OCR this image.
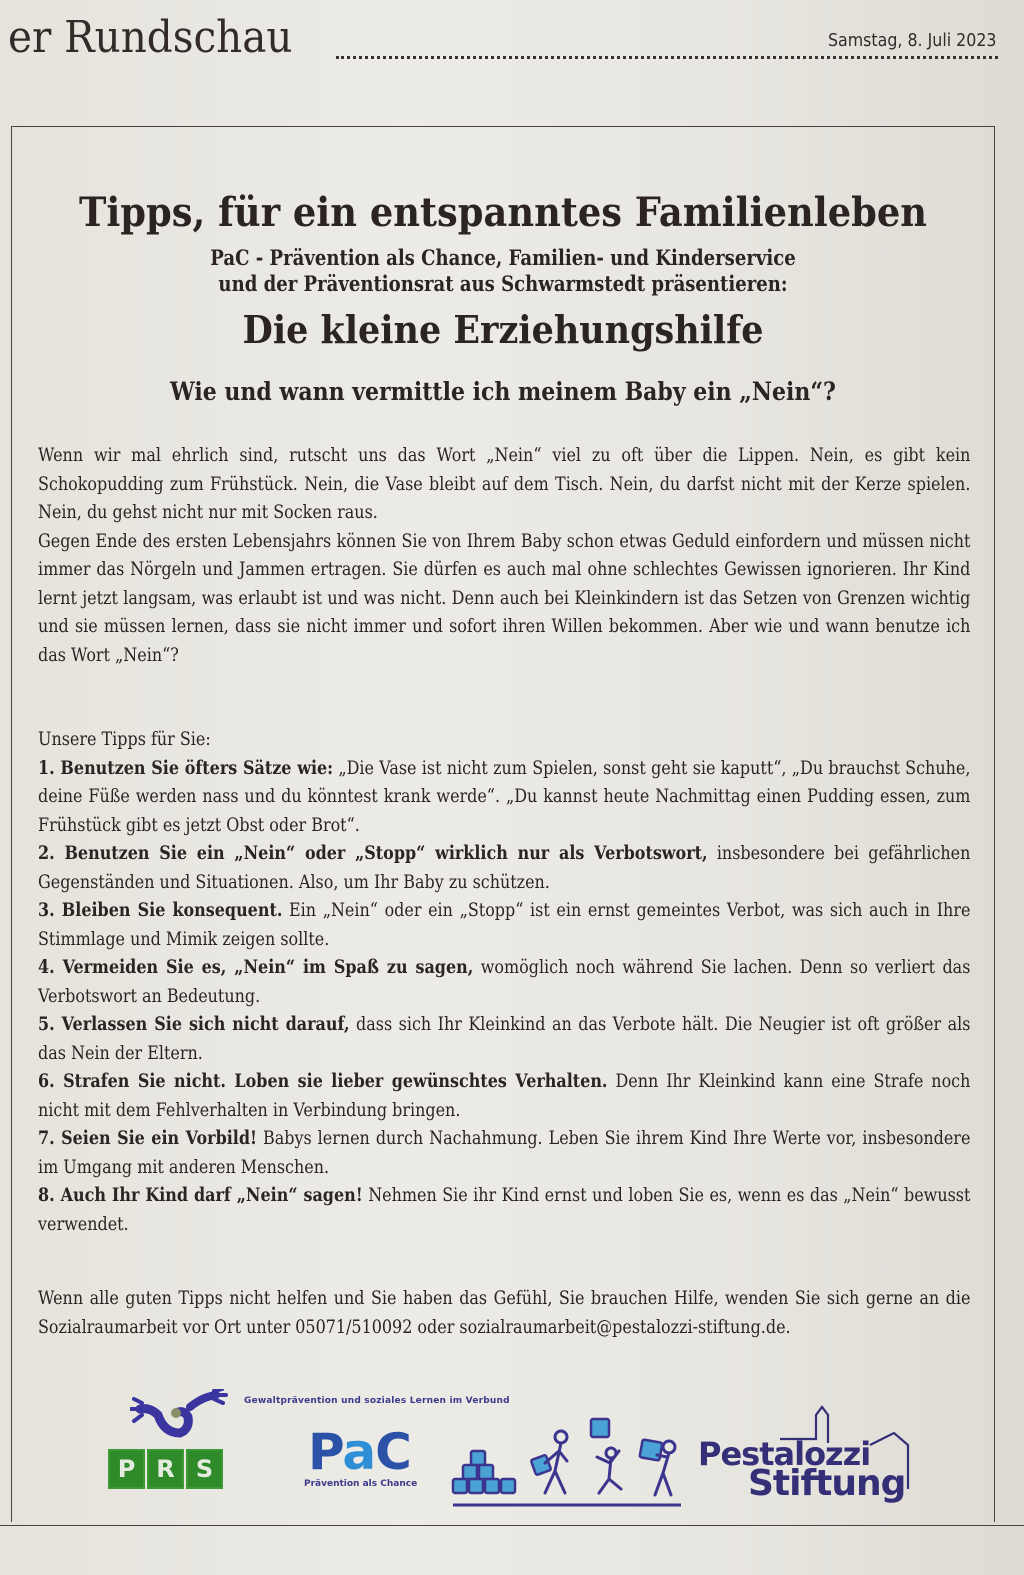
er Rundschau	Samstag, 8. Juli 2023
Tipps, für ein entspanntes Familienleben
PaC - Prävention als Chance, Familien- und Kinderservice
und der Präventionsrat aus Schwarmstedt präsentieren:
Die kleine Erziehungshilfe
Wie und wann vermittle ich meinem Baby ein „Nein“?

Wenn wir mal ehrlich sind, rutscht uns das Wort „Nein“ viel zu oft über die Lippen. Nein, es gibt kein Schokopudding zum Frühstück. Nein, die Vase bleibt auf dem Tisch. Nein, du darfst nicht mit der Kerze spielen. Nein, du gehst nicht nur mit Socken raus.

Gegen Ende des ersten Lebensjahrs können Sie von Ihrem Baby schon etwas Geduld einfordern und müssen nicht immer das Nörgeln und Jammen ertragen. Sie dürfen es auch mal ohne schlechtes Gewissen ignorieren. Ihr Kind lernt jetzt langsam, was erlaubt ist und was nicht. Denn auch bei Kleinkindern ist das Setzen von Grenzen wichtig und sie müssen lernen, dass sie nicht immer und sofort ihren Willen bekommen. Aber wie und wann benutze ich das Wort „Nein“?

Unsere Tipps für Sie:

1. Benutzen Sie öfters Sätze wie: „Die Vase ist nicht zum Spielen, sonst geht sie kaputt“, „Du brauchst Schuhe, deine Füße werden nass und du könntest krank werde“. „Du kannst heute Nachmittag einen Pudding essen, zum Frühstück gibt es jetzt Obst oder Brot“.

2. Benutzen Sie ein „Nein“ oder „Stopp“ wirklich nur als Verbotswort, insbesondere bei gefährlichen Gegenständen und Situationen. Also, um Ihr Baby zu schützen.

3. Bleiben Sie konsequent. Ein „Nein“ oder ein „Stopp“ ist ein ernst gemeintes Verbot, was sich auch in Ihre Stimmlage und Mimik zeigen sollte.

4. Vermeiden Sie es, „Nein“ im Spaß zu sagen, womöglich noch während Sie lachen. Denn so verliert das Verbotswort an Bedeutung.

5. Verlassen Sie sich nicht darauf, dass sich Ihr Kleinkind an das Verbote hält. Die Neugier ist oft größer als das Nein der Eltern.

6. Strafen Sie nicht. Loben sie lieber gewünschtes Verhalten. Denn Ihr Kleinkind kann eine Strafe noch nicht mit dem Fehlverhalten in Verbindung bringen.

7. Seien Sie ein Vorbild! Babys lernen durch Nachahmung. Leben Sie ihrem Kind Ihre Werte vor, insbesondere im Umgang mit anderen Menschen.

8. Auch Ihr Kind darf „Nein“ sagen! Nehmen Sie ihr Kind ernst und loben Sie es, wenn es das „Nein“ bewusst verwendet.

Wenn alle guten Tipps nicht helfen und Sie haben das Gefühl, Sie brauchen Hilfe, wenden Sie sich gerne an die Sozialraumarbeit vor Ort unter 05071/510092 oder sozialraumarbeit@pestalozzi-stiftung.de.

Gewaltprävention und soziales Lernen im Verbund
P R S PaC
Prävention als Chance
Pestalozzi
Stiftung
